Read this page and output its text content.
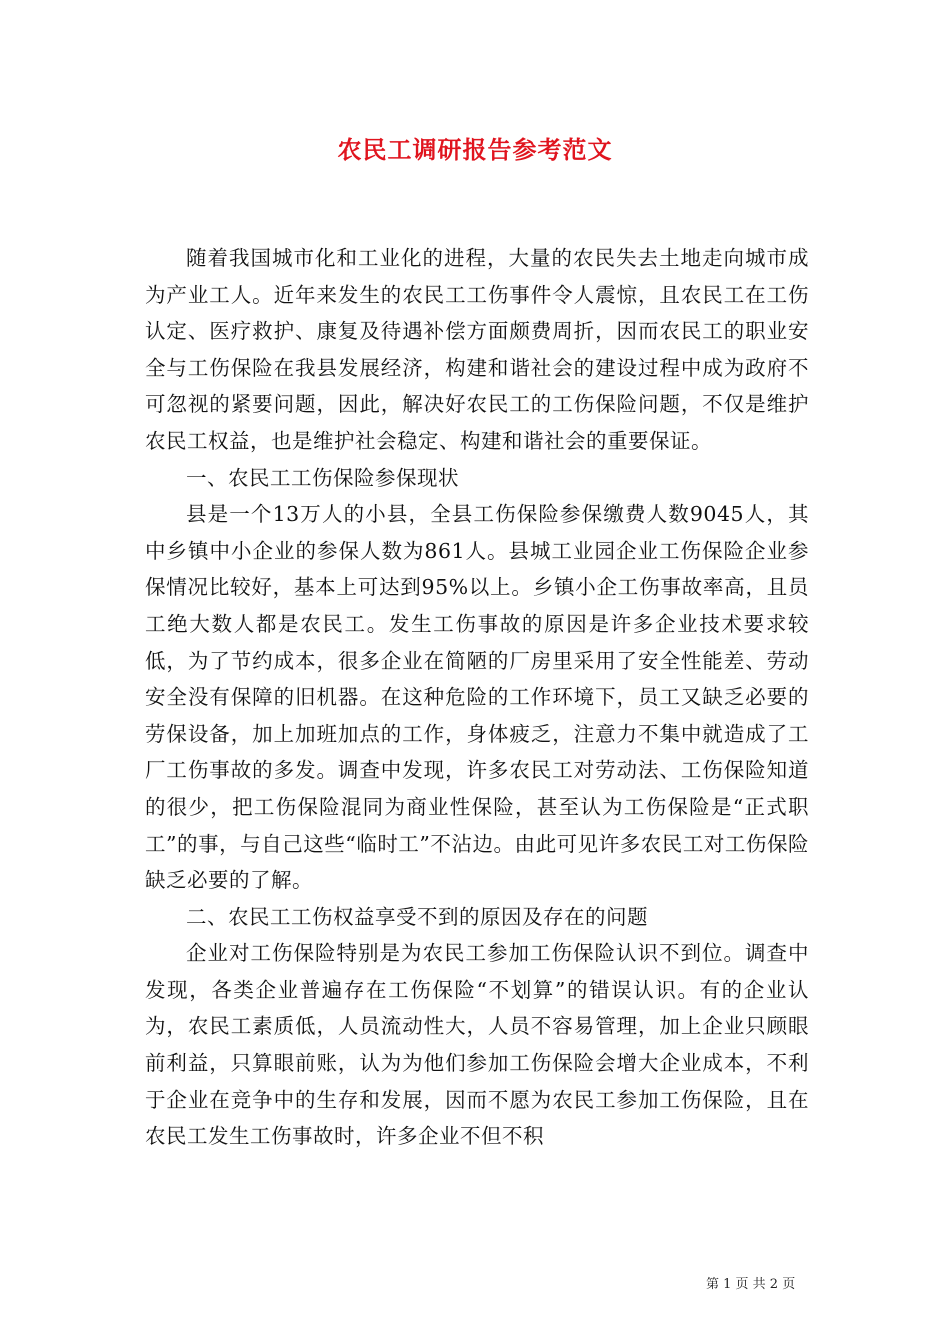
农民工调研报告参考范文

随着我国城市化和工业化的进程，大量的农民失去土地走向城市成为产业工人。近年来发生的农民工工伤事件令人震惊，且农民工在工伤认定、医疗救护、康复及待遇补偿方面颇费周折，因而农民工的职业安全与工伤保险在我县发展经济，构建和谐社会的建设过程中成为政府不可忽视的紧要问题，因此，解决好农民工的工伤保险问题，不仅是维护农民工权益，也是维护社会稳定、构建和谐社会的重要保证。

一、农民工工伤保险参保现状

县是一个13万人的小县，全县工伤保险参保缴费人数9045人，其中乡镇中小企业的参保人数为861人。县城工业园企业工伤保险企业参保情况比较好，基本上可达到95%以上。乡镇小企工伤事故率高，且员工绝大数人都是农民工。发生工伤事故的原因是许多企业技术要求较低，为了节约成本，很多企业在简陋的厂房里采用了安全性能差、劳动安全没有保障的旧机器。在这种危险的工作环境下，员工又缺乏必要的劳保设备，加上加班加点的工作，身体疲乏，注意力不集中就造成了工厂工伤事故的多发。调查中发现，许多农民工对劳动法、工伤保险知道的很少，把工伤保险混同为商业性保险，甚至认为工伤保险是“正式职工”的事，与自己这些“临时工”不沾边。由此可见许多农民工对工伤保险缺乏必要的了解。

二、农民工工伤权益享受不到的原因及存在的问题

企业对工伤保险特别是为农民工参加工伤保险认识不到位。调查中发现，各类企业普遍存在工伤保险“不划算”的错误认识。有的企业认为，农民工素质低，人员流动性大，人员不容易管理，加上企业只顾眼前利益，只算眼前账，认为为他们参加工伤保险会增大企业成本，不利于企业在竞争中的生存和发展，因而不愿为农民工参加工伤保险，且在农民工发生工伤事故时，许多企业不但不积

第 1 页 共 2 页
